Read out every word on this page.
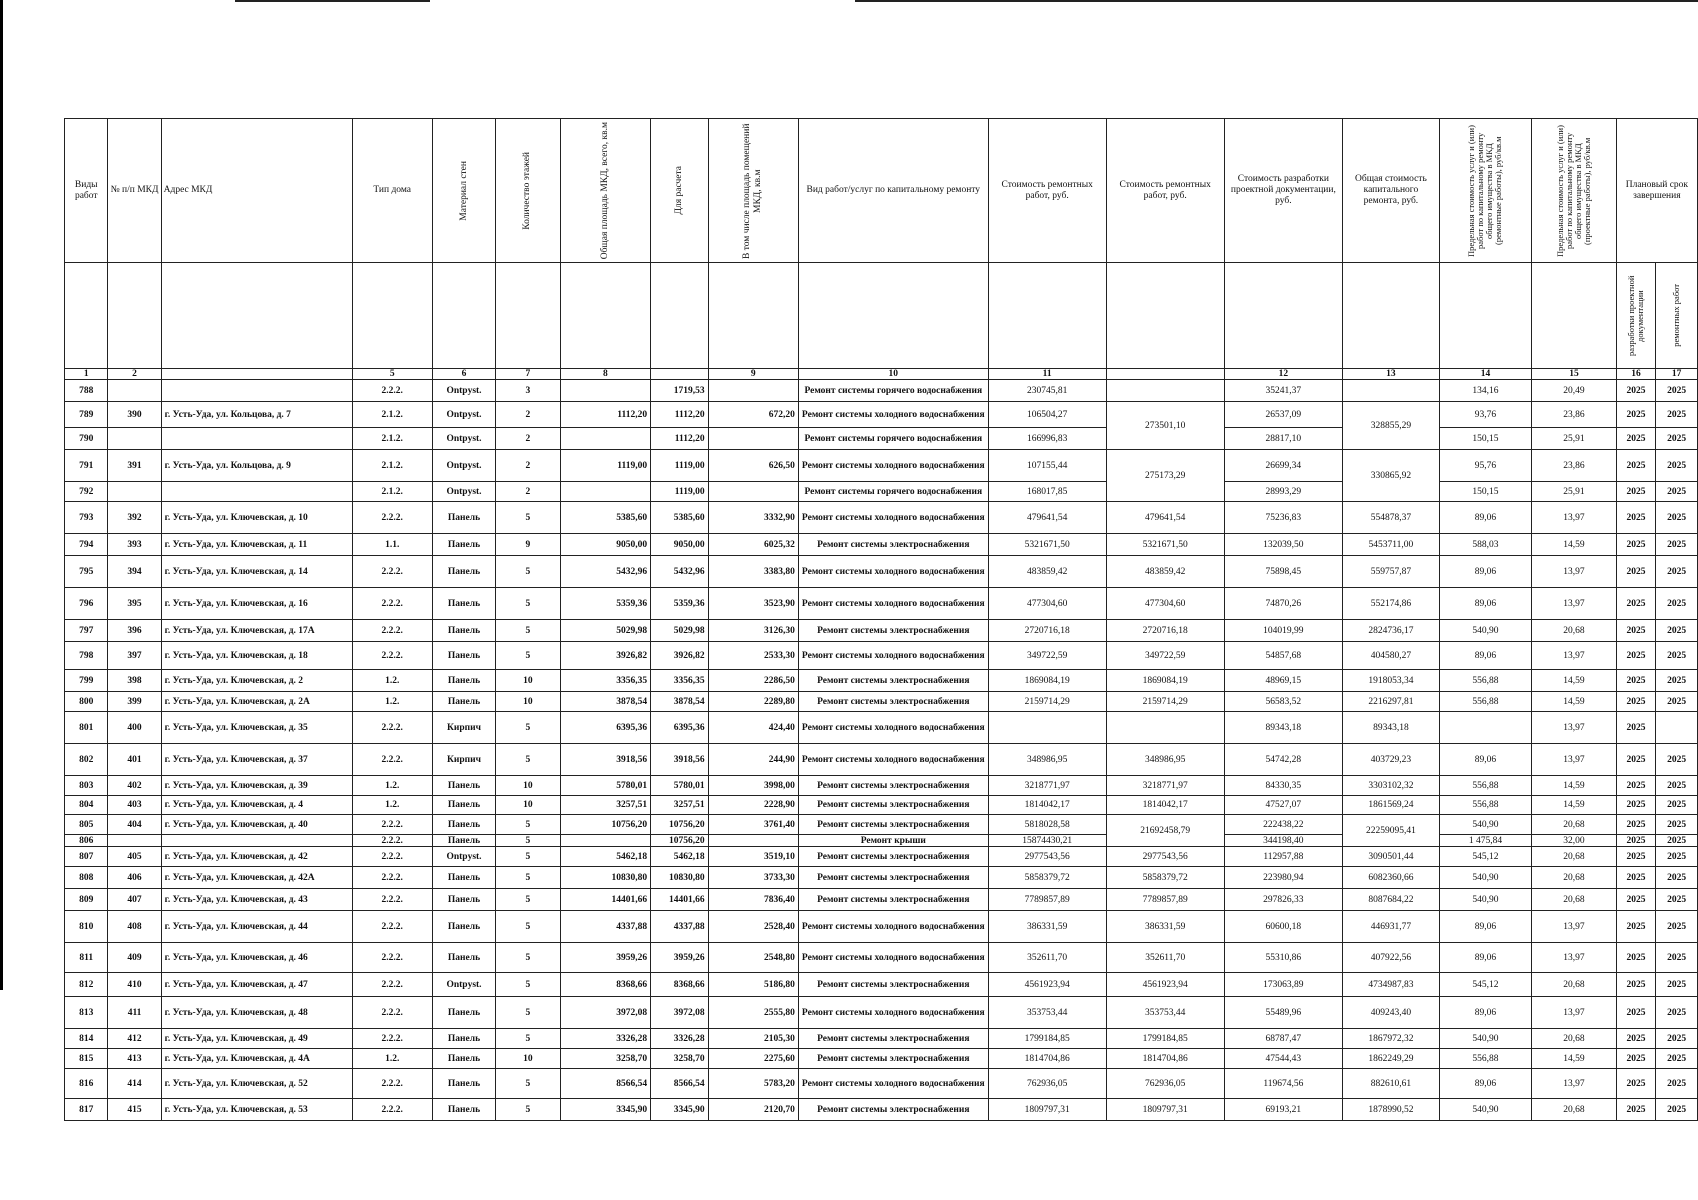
Виды работ	№ п/п МКД	Адрес МКД	Тип дома	Материал стен	Количество этажей	Общая площадь МКД, всего, кв.м	Для расчета	В том числе площадь помещений МКД, кв.м	Вид работ/услуг по капитальному ремонту	Стоимость ремонтных работ, руб.	Стоимость ремонтных работ, руб.	Стоимость разработки проектной документации, руб.	Общая стоимость капитального ремонта, руб.	Предельная стоимость услуг и (или) работ по капитальному ремонту общего имущества в МКД (ремонтные работы), руб/кв.м	Предельная стоимость услуг и (или) работ по капитальному ремонту общего имущества в МКД (проектные работы), руб/кв.м	Плановый срок завершения	

																разработки проектной документации	ремонтных работ

1	2		5	6	7	8		9	10	11		12	13	14	15	16	17
788			2.2.2.	Ontpyst.	3		1719,53		Ремонт системы горячего водоснабжения	230745,81		35241,37		134,16	20,49	2025	2025
789	390	г. Усть-Уда, ул. Кольцова, д. 7	2.1.2.	Ontpyst.	2	1112,20	1112,20	672,20	Ремонт системы холодного водоснабжения	106504,27	273501,10	26537,09	328855,29	93,76	23,86	2025	2025
790			2.1.2.	Ontpyst.	2		1112,20		Ремонт системы горячего водоснабжения	166996,83		28817,10		150,15	25,91	2025	2025
791	391	г. Усть-Уда, ул. Кольцова, д. 9	2.1.2.	Ontpyst.	2	1119,00	1119,00	626,50	Ремонт системы холодного водоснабжения	107155,44	275173,29	26699,34	330865,92	95,76	23,86	2025	2025
792			2.1.2.	Ontpyst.	2		1119,00		Ремонт системы горячего водоснабжения	168017,85		28993,29		150,15	25,91	2025	2025
793	392	г. Усть-Уда, ул. Ключевская, д. 10	2.2.2.	Панель	5	5385,60	5385,60	3332,90	Ремонт системы холодного водоснабжения	479641,54	479641,54	75236,83	554878,37	89,06	13,97	2025	2025
794	393	г. Усть-Уда, ул. Ключевская, д. 11	1.1.	Панель	9	9050,00	9050,00	6025,32	Ремонт системы электроснабжения	5321671,50	5321671,50	132039,50	5453711,00	588,03	14,59	2025	2025
795	394	г. Усть-Уда, ул. Ключевская, д. 14	2.2.2.	Панель	5	5432,96	5432,96	3383,80	Ремонт системы холодного водоснабжения	483859,42	483859,42	75898,45	559757,87	89,06	13,97	2025	2025
796	395	г. Усть-Уда, ул. Ключевская, д. 16	2.2.2.	Панель	5	5359,36	5359,36	3523,90	Ремонт системы холодного водоснабжения	477304,60	477304,60	74870,26	552174,86	89,06	13,97	2025	2025
797	396	г. Усть-Уда, ул. Ключевская, д. 17А	2.2.2.	Панель	5	5029,98	5029,98	3126,30	Ремонт системы электроснабжения	2720716,18	2720716,18	104019,99	2824736,17	540,90	20,68	2025	2025
798	397	г. Усть-Уда, ул. Ключевская, д. 18	2.2.2.	Панель	5	3926,82	3926,82	2533,30	Ремонт системы холодного водоснабжения	349722,59	349722,59	54857,68	404580,27	89,06	13,97	2025	2025
799	398	г. Усть-Уда, ул. Ключевская, д. 2	1.2.	Панель	10	3356,35	3356,35	2286,50	Ремонт системы электроснабжения	1869084,19	1869084,19	48969,15	1918053,34	556,88	14,59	2025	2025
800	399	г. Усть-Уда, ул. Ключевская, д. 2А	1.2.	Панель	10	3878,54	3878,54	2289,80	Ремонт системы электроснабжения	2159714,29	2159714,29	56583,52	2216297,81	556,88	14,59	2025	2025
801	400	г. Усть-Уда, ул. Ключевская, д. 35	2.2.2.	Кирпич	5	6395,36	6395,36	424,40	Ремонт системы холодного водоснабжения			89343,18	89343,18		13,97	2025	
802	401	г. Усть-Уда, ул. Ключевская, д. 37	2.2.2.	Кирпич	5	3918,56	3918,56	244,90	Ремонт системы холодного водоснабжения	348986,95	348986,95	54742,28	403729,23	89,06	13,97	2025	2025
803	402	г. Усть-Уда, ул. Ключевская, д. 39	1.2.	Панель	10	5780,01	5780,01	3998,00	Ремонт системы электроснабжения	3218771,97	3218771,97	84330,35	3303102,32	556,88	14,59	2025	2025
804	403	г. Усть-Уда, ул. Ключевская, д. 4	1.2.	Панель	10	3257,51	3257,51	2228,90	Ремонт системы электроснабжения	1814042,17	1814042,17	47527,07	1861569,24	556,88	14,59	2025	2025
805	404	г. Усть-Уда, ул. Ключевская, д. 40	2.2.2.	Панель	5	10756,20	10756,20	3761,40	Ремонт системы электроснабжения	5818028,58	21692458,79	222438,22	22259095,41	540,90	20,68	2025	2025
806			2.2.2.	Панель	5		10756,20		Ремонт крыши	15874430,21		344198,40		1 475,84	32,00	2025	2025
807	405	г. Усть-Уда, ул. Ключевская, д. 42	2.2.2.	Ontpyst.	5	5462,18	5462,18	3519,10	Ремонт системы электроснабжения	2977543,56	2977543,56	112957,88	3090501,44	545,12	20,68	2025	2025
808	406	г. Усть-Уда, ул. Ключевская, д. 42А	2.2.2.	Панель	5	10830,80	10830,80	3733,30	Ремонт системы электроснабжения	5858379,72	5858379,72	223980,94	6082360,66	540,90	20,68	2025	2025
809	407	г. Усть-Уда, ул. Ключевская, д. 43	2.2.2.	Панель	5	14401,66	14401,66	7836,40	Ремонт системы электроснабжения	7789857,89	7789857,89	297826,33	8087684,22	540,90	20,68	2025	2025
810	408	г. Усть-Уда, ул. Ключевская, д. 44	2.2.2.	Панель	5	4337,88	4337,88	2528,40	Ремонт системы холодного водоснабжения	386331,59	386331,59	60600,18	446931,77	89,06	13,97	2025	2025
811	409	г. Усть-Уда, ул. Ключевская, д. 46	2.2.2.	Панель	5	3959,26	3959,26	2548,80	Ремонт системы холодного водоснабжения	352611,70	352611,70	55310,86	407922,56	89,06	13,97	2025	2025
812	410	г. Усть-Уда, ул. Ключевская, д. 47	2.2.2.	Ontpyst.	5	8368,66	8368,66	5186,80	Ремонт системы электроснабжения	4561923,94	4561923,94	173063,89	4734987,83	545,12	20,68	2025	2025
813	411	г. Усть-Уда, ул. Ключевская, д. 48	2.2.2.	Панель	5	3972,08	3972,08	2555,80	Ремонт системы холодного водоснабжения	353753,44	353753,44	55489,96	409243,40	89,06	13,97	2025	2025
814	412	г. Усть-Уда, ул. Ключевская, д. 49	2.2.2.	Панель	5	3326,28	3326,28	2105,30	Ремонт системы электроснабжения	1799184,85	1799184,85	68787,47	1867972,32	540,90	20,68	2025	2025
815	413	г. Усть-Уда, ул. Ключевская, д. 4А	1.2.	Панель	10	3258,70	3258,70	2275,60	Ремонт системы электроснабжения	1814704,86	1814704,86	47544,43	1862249,29	556,88	14,59	2025	2025
816	414	г. Усть-Уда, ул. Ключевская, д. 52	2.2.2.	Панель	5	8566,54	8566,54	5783,20	Ремонт системы холодного водоснабжения	762936,05	762936,05	119674,56	882610,61	89,06	13,97	2025	2025
817	415	г. Усть-Уда, ул. Ключевская, д. 53	2.2.2.	Панель	5	3345,90	3345,90	2120,70	Ремонт системы электроснабжения	1809797,31	1809797,31	69193,21	1878990,52	540,90	20,68	2025	2025
